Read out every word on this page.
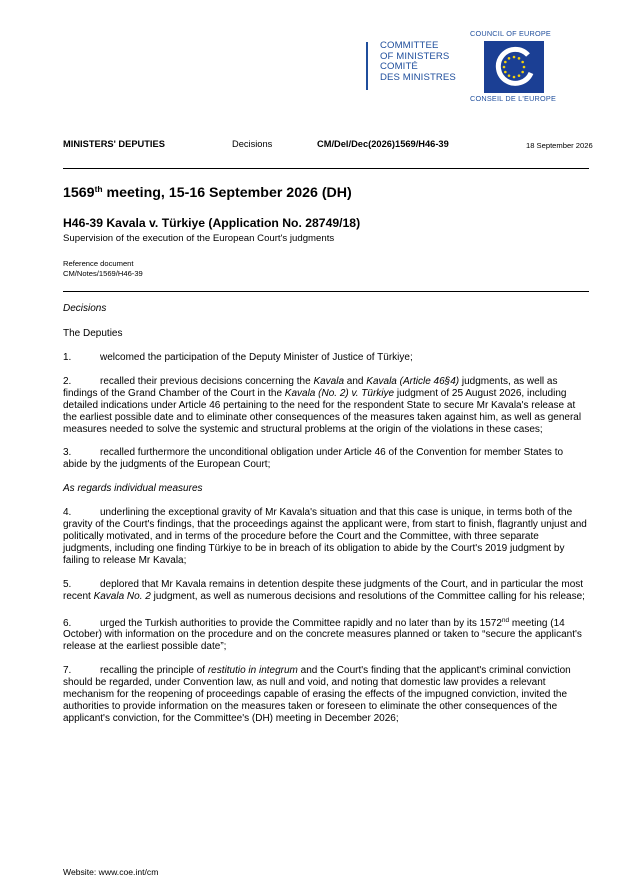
COMMITTEE
OF MINISTERS
COMITÉ
DES MINISTRES
COUNCIL OF EUROPE
CONSEIL DE L'EUROPE
MINISTERS' DEPUTIES	Decisions	CM/Del/Dec(2026)1569/H46-39	18 September 2026
1569th meeting, 15-16 September 2026 (DH)
H46-39 Kavala v. Türkiye (Application No. 28749/18)
Supervision of the execution of the European Court's judgments
Reference document
CM/Notes/1569/H46-39

Decisions

The Deputies

1.	welcomed the participation of the Deputy Minister of Justice of Türkiye;

2.	recalled their previous decisions concerning the Kavala and Kavala (Article 46§4) judgments, as well as findings of the Grand Chamber of the Court in the Kavala (No. 2) v. Türkiye judgment of 25 August 2026, including detailed indications under Article 46 pertaining to the need for the respondent State to secure Mr Kavala's release at the earliest possible date and to eliminate other consequences of the measures taken against him, as well as general measures needed to solve the systemic and structural problems at the origin of the violations in these cases;

3.	recalled furthermore the unconditional obligation under Article 46 of the Convention for member States to abide by the judgments of the European Court;

As regards individual measures

4.	underlining the exceptional gravity of Mr Kavala's situation and that this case is unique, in terms both of the gravity of the Court's findings, that the proceedings against the applicant were, from start to finish, flagrantly unjust and politically motivated, and in terms of the procedure before the Court and the Committee, with three separate judgments, including one finding Türkiye to be in breach of its obligation to abide by the Court's 2019 judgment by failing to release Mr Kavala;

5.	deplored that Mr Kavala remains in detention despite these judgments of the Court, and in particular the most recent Kavala No. 2 judgment, as well as numerous decisions and resolutions of the Committee calling for his release;

6.	urged the Turkish authorities to provide the Committee rapidly and no later than by its 1572nd meeting (14 October) with information on the procedure and on the concrete measures planned or taken to “secure the applicant's release at the earliest possible date”;

7.	recalling the principle of restitutio in integrum and the Court's finding that the applicant's criminal conviction should be regarded, under Convention law, as null and void, and noting that domestic law provides a relevant mechanism for the reopening of proceedings capable of erasing the effects of the impugned conviction, invited the authorities to provide information on the measures taken or foreseen to eliminate the other consequences of the applicant's conviction, for the Committee's (DH) meeting in December 2026;

Website: www.coe.int/cm
